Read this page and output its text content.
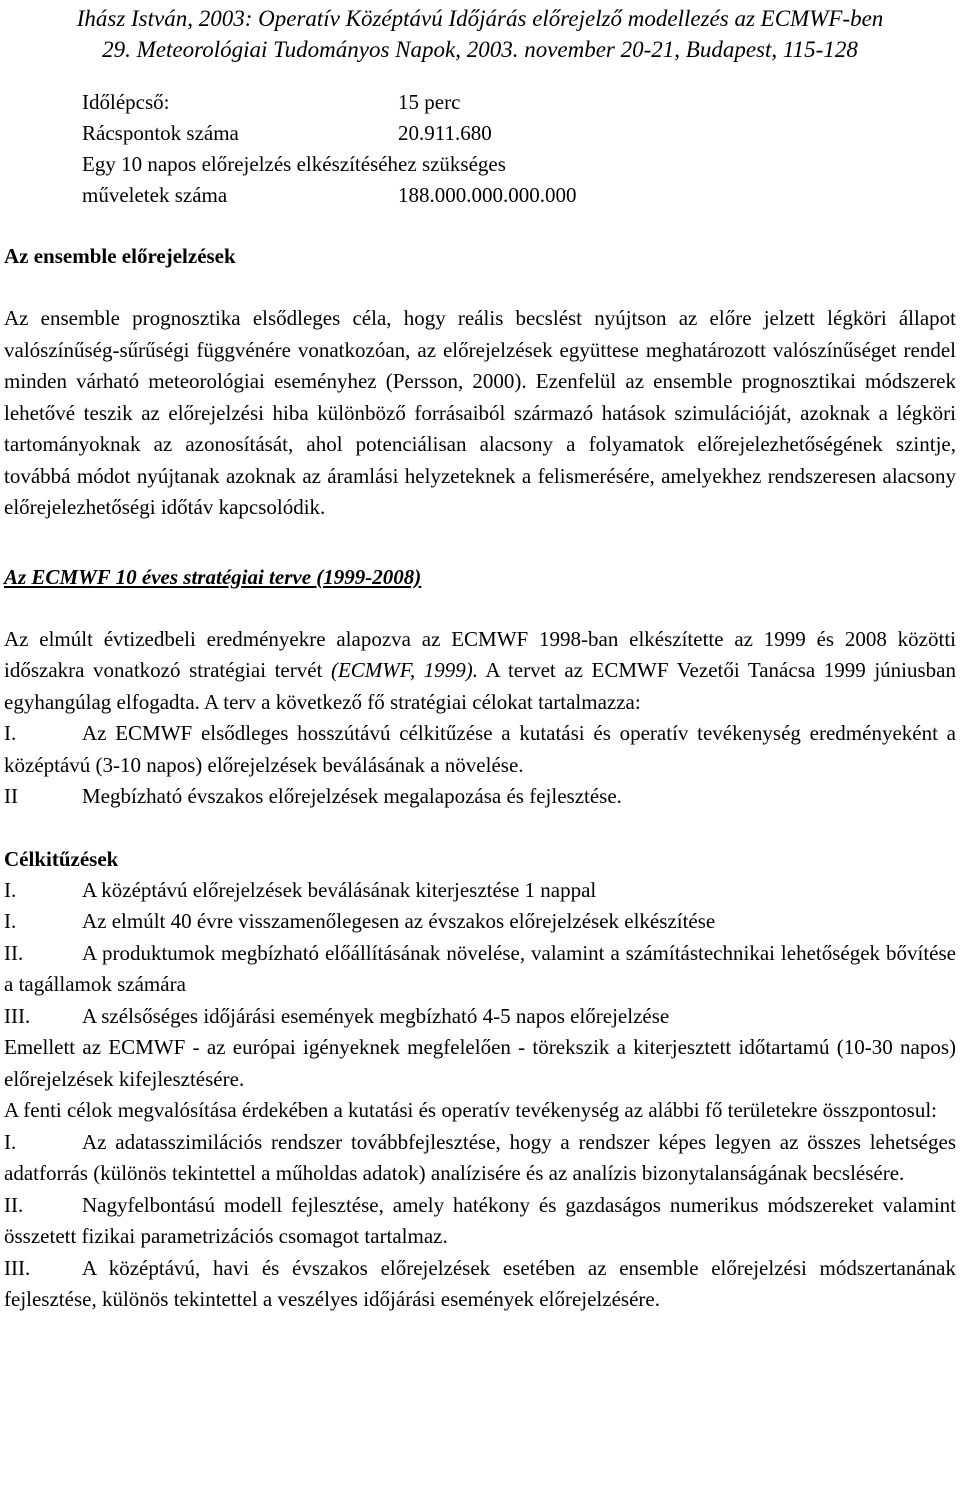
Ihász István, 2003: Operatív Középtávú Időjárás előrejelző modellezés az ECMWF-ben
29. Meteorológiai Tudományos Napok, 2003. november 20-21, Budapest, 115-128
Időlépcső:	15 perc
Rácspontok száma	20.911.680
Egy 10 napos előrejelzés elkészítéséhez szükséges
műveletek száma	188.000.000.000.000
Az ensemble előrejelzések

Az ensemble prognosztika elsődleges céla, hogy reális becslést nyújtson az előre jelzett légköri állapot valószínűség-sűrűségi függvénére vonatkozóan, az előrejelzések együttese meghatározott valószínűséget rendel minden várható meteorológiai eseményhez (Persson, 2000). Ezenfelül az ensemble prognosztikai módszerek lehetővé teszik az előrejelzési hiba különböző forrásaiból származó hatások szimulációját, azoknak a légköri tartományoknak az azonosítását, ahol potenciálisan alacsony a folyamatok előrejelezhetőségének szintje, továbbá módot nyújtanak azoknak az áramlási helyzeteknek a felismerésére, amelyekhez rendszeresen alacsony előrejelezhetőségi időtáv kapcsolódik.

Az ECMWF 10 éves stratégiai terve (1999-2008)

Az elmúlt évtizedbeli eredményekre alapozva az ECMWF 1998-ban elkészítette az 1999 és 2008 közötti időszakra vonatkozó stratégiai tervét (ECMWF, 1999). A tervet az ECMWF Vezetői Tanácsa 1999 júniusban egyhangúlag elfogadta. A terv a következő fő stratégiai célokat tartalmazza:

I.	Az ECMWF elsődleges hosszútávú célkitűzése a kutatási és operatív tevékenység eredményeként a középtávú (3-10 napos) előrejelzések beválásának a növelése.

II	Megbízható évszakos előrejelzések megalapozása és fejlesztése.

Célkitűzések

I.	A középtávú előrejelzések beválásának kiterjesztése 1 nappal

I.	Az elmúlt 40 évre visszamenőlegesen az évszakos előrejelzések elkészítése

II.	A produktumok megbízható előállításának növelése, valamint a számítástechnikai lehetőségek bővítése a tagállamok számára

III. A szélsőséges időjárási események megbízható 4-5 napos előrejelzése

Emellett az ECMWF - az európai igényeknek megfelelően - törekszik a kiterjesztett időtartamú (10-30 napos) előrejelzések kifejlesztésére.

A fenti célok megvalósítása érdekében a kutatási és operatív tevékenység az alábbi fő területekre összpontosul:

I.	Az adatasszimilációs rendszer továbbfejlesztése, hogy a rendszer képes legyen az összes lehetséges adatforrás (különös tekintettel a műholdas adatok) analízisére és az analízis bizonytalanságának becslésére.

II.	Nagyfelbontású modell fejlesztése, amely hatékony és gazdaságos numerikus módszereket valamint összetett fizikai parametrizációs csomagot tartalmaz.

III. A középtávú, havi és évszakos előrejelzések esetében az ensemble előrejelzési módszertanának fejlesztése, különös tekintettel a veszélyes időjárási események előrejelzésére.
